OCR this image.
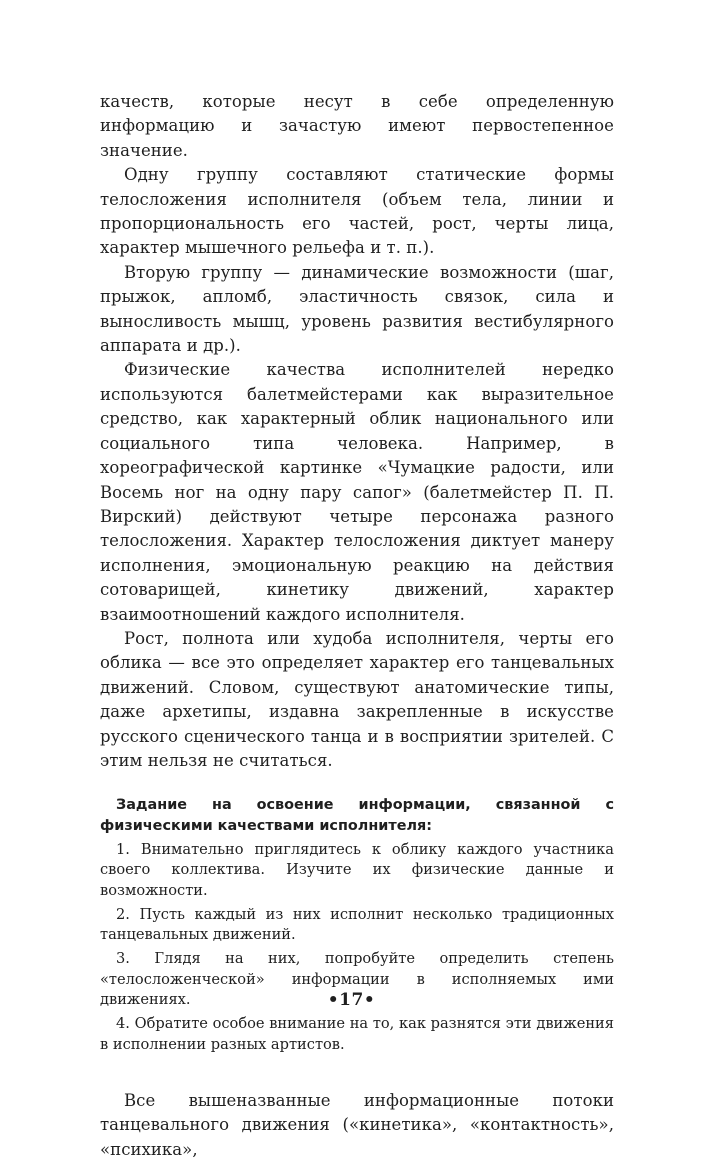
качеств, которые несут в себе определенную информацию и зачастую имеют первостепенное значение.

Одну группу составляют статические формы телосложения исполнителя (объем тела, линии и пропорциональность его частей, рост, черты лица, характер мышечного рельефа и т. п.).

Вторую группу — динамические возможности (шаг, прыжок, апломб, эластичность связок, сила и выносливость мышц, уровень развития вестибулярного аппарата и др.).

Физические качества исполнителей нередко используются балетмейстерами как выразительное средство, как характерный облик национального или социального типа человека. Например, в хореографической картинке «Чумацкие радости, или Восемь ног на одну пару сапог» (балетмейстер П. П. Вирский) действуют четыре персонажа разного телосложения. Характер телосложения диктует манеру исполнения, эмоциональную реакцию на действия сотоварищей, кинетику движений, характер взаимоотношений каждого исполнителя.

Рост, полнота или худоба исполнителя, черты его облика — все это определяет характер его танцевальных движений. Словом, существуют анатомические типы, даже архетипы, издавна закрепленные в искусстве русского сценического танца и в восприятии зрителей. С этим нельзя не считаться.

Задание на освоение информации, связанной с физическими качествами исполнителя:

1. Внимательно приглядитесь к облику каждого участника своего коллектива. Изучите их физические данные и возможности.

2. Пусть каждый из них исполнит несколько традиционных танцевальных движений.

3. Глядя на них, попробуйте определить степень «телосложенческой» информации в исполняемых ими движениях.

4. Обратите особое внимание на то, как разнятся эти движения в исполнении разных артистов.

Все вышеназванные информационные потоки танцевального движения («кинетика», «контактность», «психика»,

•17•
